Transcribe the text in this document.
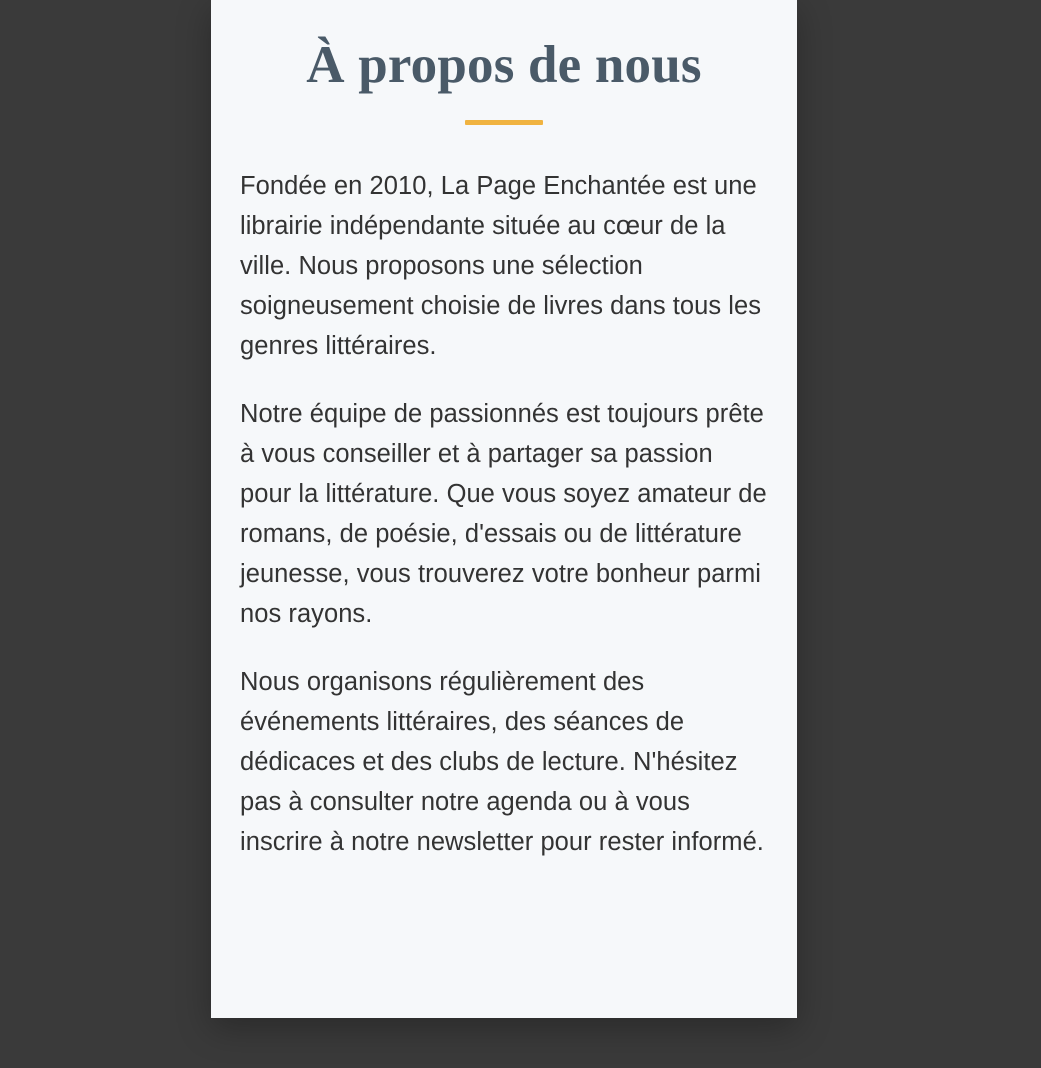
À propos de nous

Fondée en 2010, La Page Enchantée est une librairie indépendante située au cœur de la ville. Nous proposons une sélection soigneusement choisie de livres dans tous les genres littéraires.

Notre équipe de passionnés est toujours prête à vous conseiller et à partager sa passion pour la littérature. Que vous soyez amateur de romans, de poésie, d'essais ou de littérature jeunesse, vous trouverez votre bonheur parmi nos rayons.

Nous organisons régulièrement des événements littéraires, des séances de dédicaces et des clubs de lecture. N'hésitez pas à consulter notre agenda ou à vous inscrire à notre newsletter pour rester informé.
